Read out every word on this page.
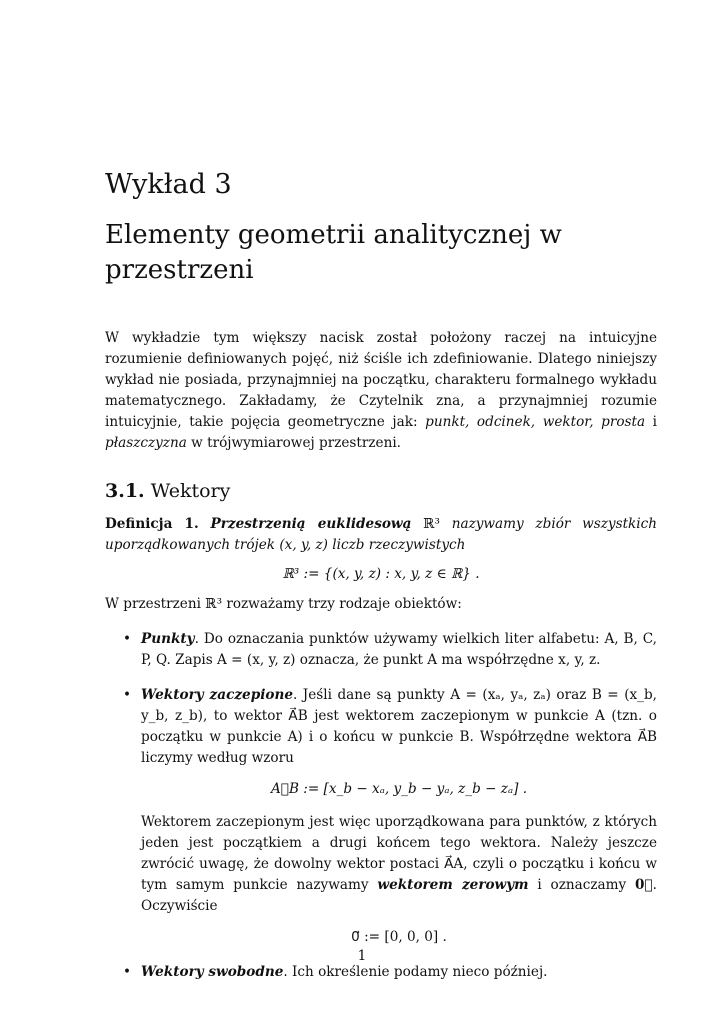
Wykład 3
Elementy geometrii analitycznej w przestrzeni

W wykładzie tym większy nacisk został położony raczej na intuicyjne rozumienie definiowanych pojęć, niż ściśle ich zdefiniowanie. Dlatego niniejszy wykład nie posiada, przynajmniej na początku, charakteru formalnego wykładu matematycznego. Zakładamy, że Czytelnik zna, a przynajmniej rozumie intuicyjnie, takie pojęcia geometryczne jak: punkt, odcinek, wektor, prosta i płaszczyzna w trójwymiarowej przestrzeni.

3.1. Wektory

Definicja 1. Przestrzenią euklidesową ℝ³ nazywamy zbiór wszystkich uporządkowanych trójek (x, y, z) liczb rzeczywistych

ℝ³ := {(x, y, z) : x, y, z ∈ ℝ} .

W przestrzeni ℝ³ rozważamy trzy rodzaje obiektów:

• Punkty. Do oznaczania punktów używamy wielkich liter alfabetu: A, B, C, P, Q. Zapis A = (x, y, z) oznacza, że punkt A ma współrzędne x, y, z.
• Wektory zaczepione. Jeśli dane są punkty A = (xₐ, yₐ, zₐ) oraz B = (x_b, y_b, z_b), to wektor A⃗B jest wektorem zaczepionym w punkcie A (tzn. o początku w punkcie A) i o końcu w punkcie B. Współrzędne wektora A⃗B liczymy według wzoru
A⃗B := [x_b − xₐ, y_b − yₐ, z_b − zₐ] .

Wektorem zaczepionym jest więc uporządkowana para punktów, z których jeden jest początkiem a drugi końcem tego wektora. Należy jeszcze zwrócić uwagę, że dowolny wektor postaci A⃗A, czyli o początku i końcu w tym samym punkcie nazywamy wektorem zerowym i oznaczamy 0⃗. Oczywiście

0⃗ := [0, 0, 0] .
• Wektory swobodne. Ich określenie podamy nieco później.
1
